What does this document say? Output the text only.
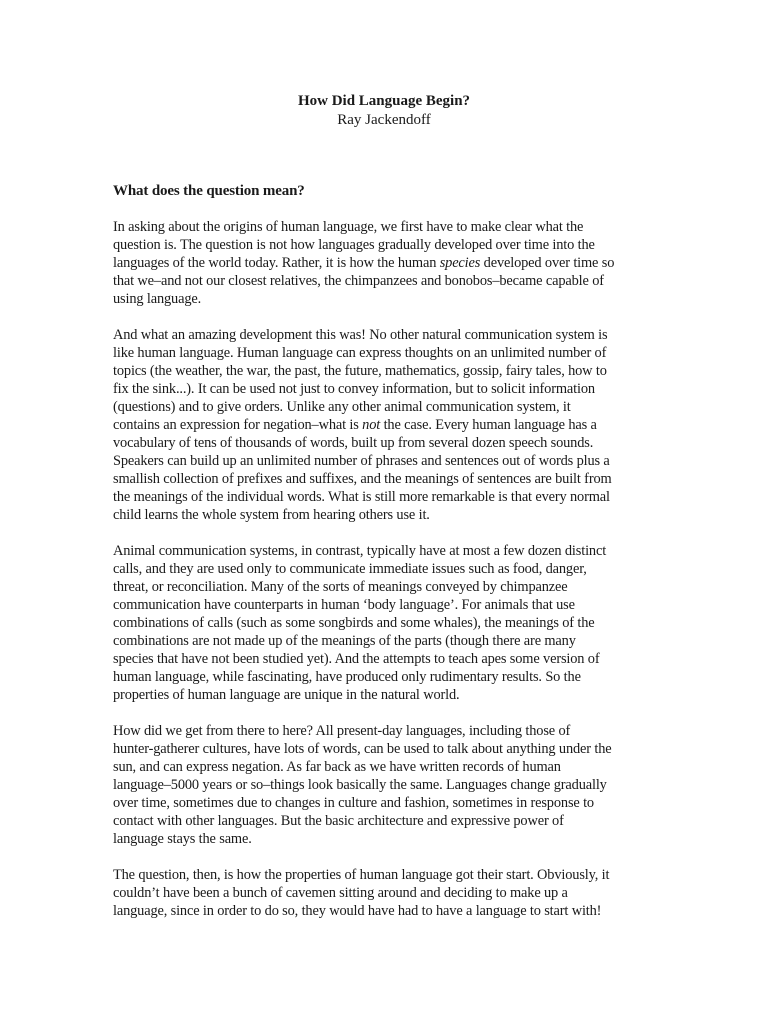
How Did Language Begin?
Ray Jackendoff
What does the question mean?

In asking about the origins of human language, we first have to make clear what the
question is. The question is not how languages gradually developed over time into the
languages of the world today. Rather, it is how the human species developed over time so
that we–and not our closest relatives, the chimpanzees and bonobos–became capable of
using language.

And what an amazing development this was! No other natural communication system is
like human language. Human language can express thoughts on an unlimited number of
topics (the weather, the war, the past, the future, mathematics, gossip, fairy tales, how to
fix the sink...). It can be used not just to convey information, but to solicit information
(questions) and to give orders. Unlike any other animal communication system, it
contains an expression for negation–what is not the case. Every human language has a
vocabulary of tens of thousands of words, built up from several dozen speech sounds.
Speakers can build up an unlimited number of phrases and sentences out of words plus a
smallish collection of prefixes and suffixes, and the meanings of sentences are built from
the meanings of the individual words. What is still more remarkable is that every normal
child learns the whole system from hearing others use it.

Animal communication systems, in contrast, typically have at most a few dozen distinct
calls, and they are used only to communicate immediate issues such as food, danger,
threat, or reconciliation. Many of the sorts of meanings conveyed by chimpanzee
communication have counterparts in human ‘body language’. For animals that use
combinations of calls (such as some songbirds and some whales), the meanings of the
combinations are not made up of the meanings of the parts (though there are many
species that have not been studied yet). And the attempts to teach apes some version of
human language, while fascinating, have produced only rudimentary results. So the
properties of human language are unique in the natural world.

How did we get from there to here? All present-day languages, including those of
hunter-gatherer cultures, have lots of words, can be used to talk about anything under the
sun, and can express negation. As far back as we have written records of human
language–5000 years or so–things look basically the same. Languages change gradually
over time, sometimes due to changes in culture and fashion, sometimes in response to
contact with other languages. But the basic architecture and expressive power of
language stays the same.

The question, then, is how the properties of human language got their start. Obviously, it
couldn’t have been a bunch of cavemen sitting around and deciding to make up a
language, since in order to do so, they would have had to have a language to start with!
